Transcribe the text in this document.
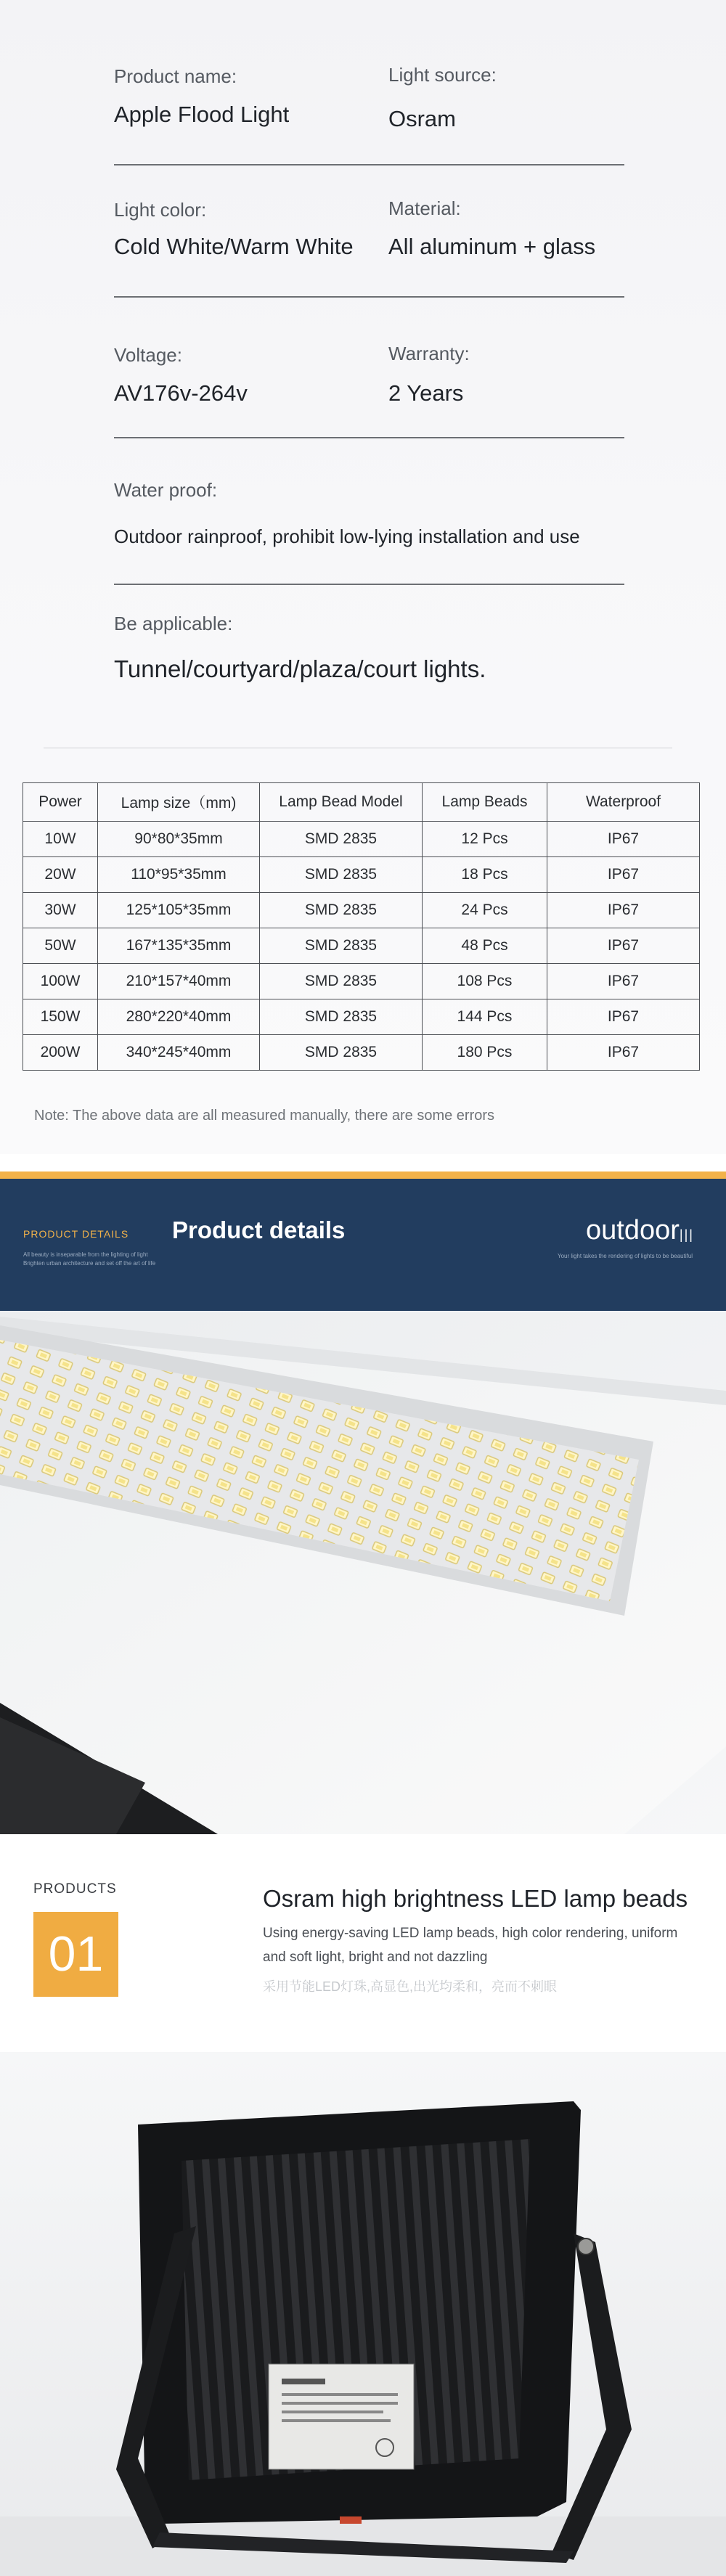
Product name:
Apple Flood Light
Light source:
Osram
Light color:
Cold White/Warm White
Material:
All aluminum + glass
Voltage:
AV176v-264v
Warranty:
2 Years
Water proof:
Outdoor rainproof, prohibit low-lying installation and use
Be applicable:
Tunnel/courtyard/plaza/court lights.
Power	Lamp size（mm)	Lamp Bead Model	Lamp Beads	Waterproof
10W	90*80*35mm	SMD 2835	12 Pcs	IP67
20W	110*95*35mm	SMD 2835	18 Pcs	IP67
30W	125*105*35mm	SMD 2835	24 Pcs	IP67
50W	167*135*35mm	SMD 2835	48 Pcs	IP67
100W	210*157*40mm	SMD 2835	108 Pcs	IP67
150W	280*220*40mm	SMD 2835	144 Pcs	IP67
200W	340*245*40mm	SMD 2835	180 Pcs	IP67
Note: The above data are all measured manually, there are some errors
PRODUCT DETAILS
All beauty is inseparable from the lighting of light
Brighten urban architecture and set off the art of life
Product details	outdoor|||
Your light takes the rendering of lights to be beautiful
PRODUCTS
01
Osram high brightness LED lamp beads
Using energy-saving LED lamp beads, high color rendering, uniform
and soft light, bright and not dazzling
采用节能LED灯珠,高显色,出光均柔和，亮而不刺眼
